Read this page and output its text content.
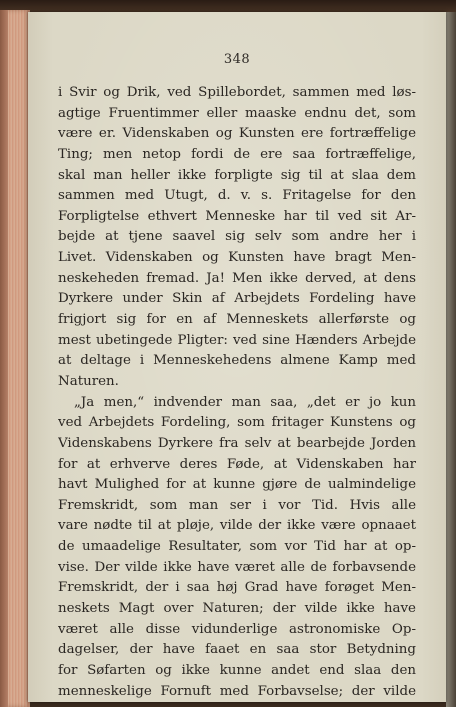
348
i Svir og Drik, ved Spillebordet, sammen med løs-
agtige Fruentimmer eller maaske endnu det, som
være er. Videnskaben og Kunsten ere fortræffelige
Ting; men netop fordi de ere saa fortræffelige,
skal man heller ikke forpligte sig til at slaa dem
sammen med Utugt, d. v. s. Fritagelse for den
Forpligtelse ethvert Menneske har til ved sit Ar-
bejde at tjene saavel sig selv som andre her i
Livet. Videnskaben og Kunsten have bragt Men-
neskeheden fremad. Ja! Men ikke derved, at dens
Dyrkere under Skin af Arbejdets Fordeling have
frigjort sig for en af Menneskets allerførste og
mest ubetingede Pligter: ved sine Hænders Arbejde
at deltage i Menneskehedens almene Kamp med
Naturen.
„Ja men,“ indvender man saa, „det er jo kun
ved Arbejdets Fordeling, som fritager Kunstens og
Videnskabens Dyrkere fra selv at bearbejde Jorden
for at erhverve deres Føde, at Videnskaben har
havt Mulighed for at kunne gjøre de ualmindelige
Fremskridt, som man ser i vor Tid. Hvis alle
vare nødte til at pløje, vilde der ikke være opnaaet
de umaadelige Resultater, som vor Tid har at op-
vise. Der vilde ikke have været alle de forbavsende
Fremskridt, der i saa høj Grad have forøget Men-
neskets Magt over Naturen; der vilde ikke have
været alle disse vidunderlige astronomiske Op-
dagelser, der have faaet en saa stor Betydning
for Søfarten og ikke kunne andet end slaa den
menneskelige Fornuft med Forbavselse; der vilde
